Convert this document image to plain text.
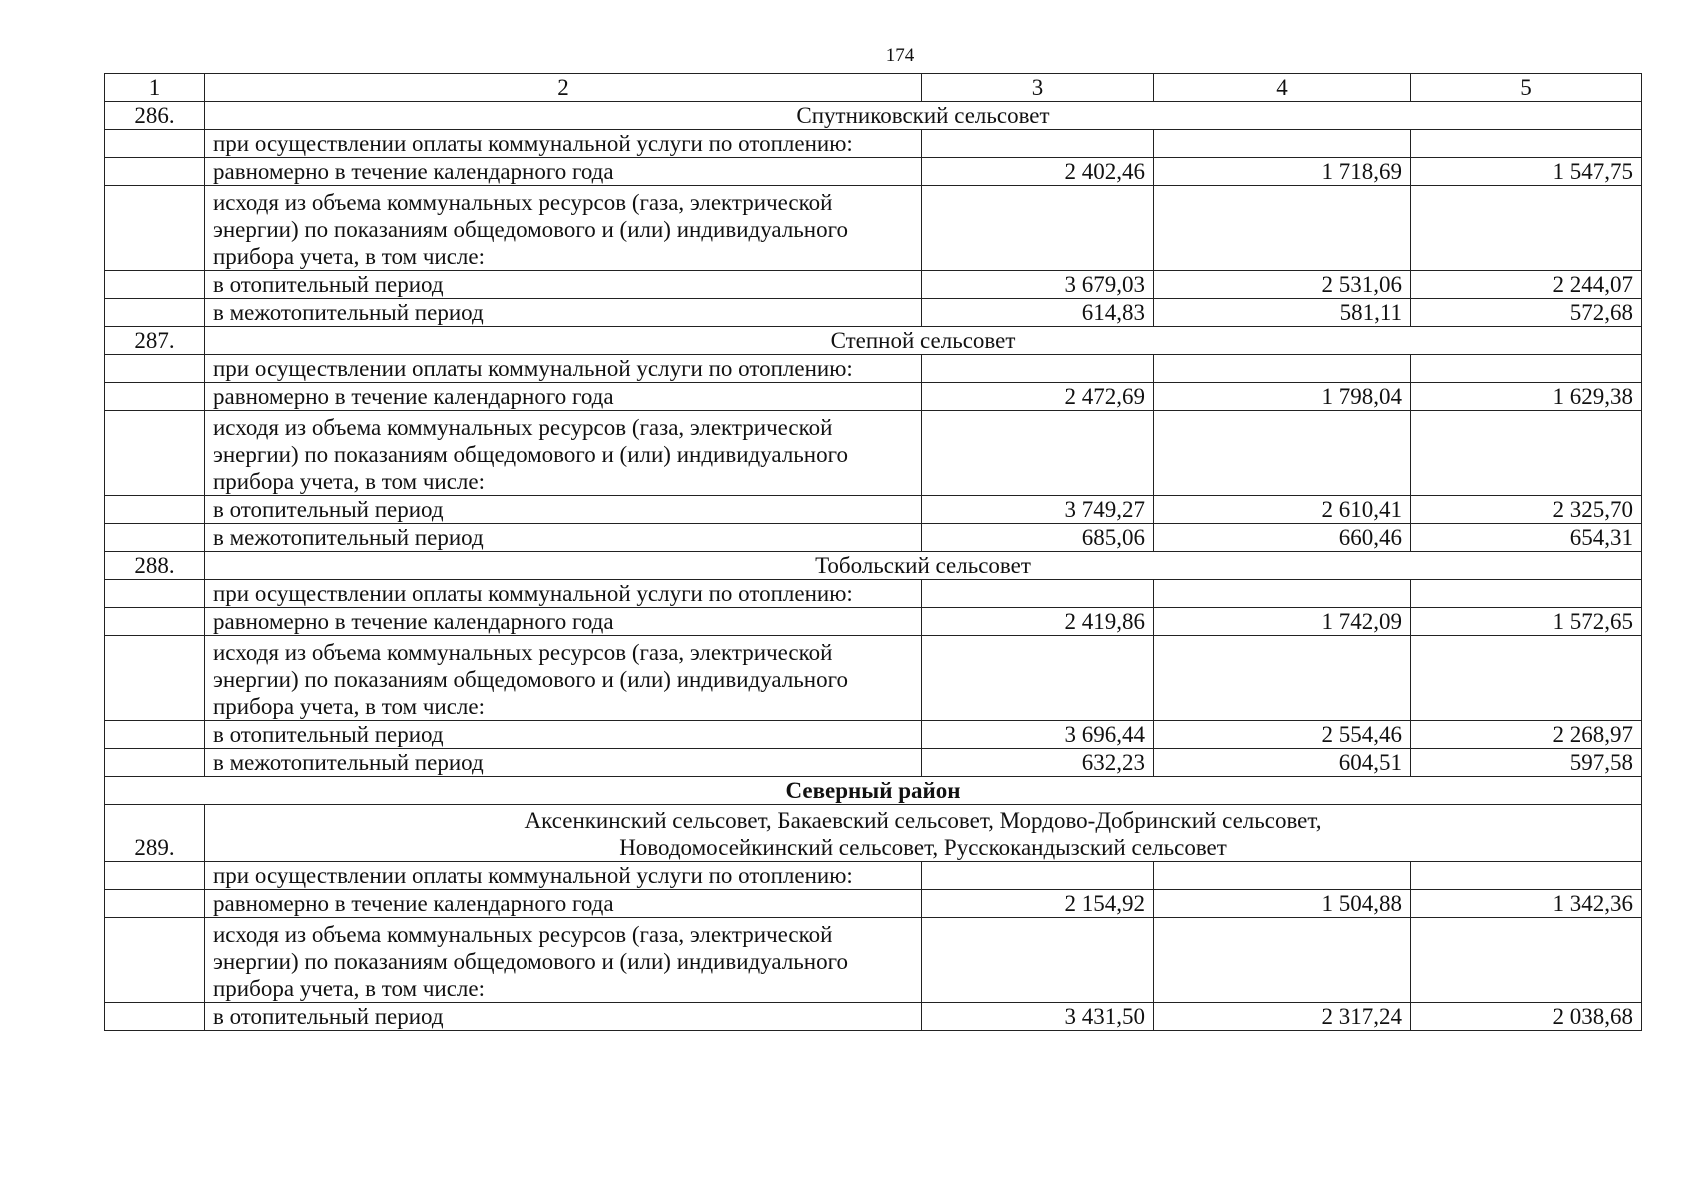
174
1	2	3	4	5
286.	Спутниковский сельсовет			
	при осуществлении оплаты коммунальной услуги по отоплению:			
	равномерно в течение календарного года	2 402,46	1 718,69	1 547,75
	исходя из объема коммунальных ресурсов (газа, электрической энергии) по показаниям общедомового и (или) индивидуального прибора учета, в том числе:			
	в отопительный период	3 679,03	2 531,06	2 244,07
	в межотопительный период	614,83	581,11	572,68
287.	Степной сельсовет			
	при осуществлении оплаты коммунальной услуги по отоплению:			
	равномерно в течение календарного года	2 472,69	1 798,04	1 629,38
	исходя из объема коммунальных ресурсов (газа, электрической энергии) по показаниям общедомового и (или) индивидуального прибора учета, в том числе:			
	в отопительный период	3 749,27	2 610,41	2 325,70
	в межотопительный период	685,06	660,46	654,31
288.	Тобольский сельсовет			
	при осуществлении оплаты коммунальной услуги по отоплению:			
	равномерно в течение календарного года	2 419,86	1 742,09	1 572,65
	исходя из объема коммунальных ресурсов (газа, электрической энергии) по показаниям общедомового и (или) индивидуального прибора учета, в том числе:			
	в отопительный период	3 696,44	2 554,46	2 268,97
	в межотопительный период	632,23	604,51	597,58
Северный район				
289.	Аксенкинский сельсовет, Бакаевский сельсовет, Мордово-Добринский сельсовет,
Новодомосейкинский сельсовет, Русскокандызский сельсовет			

	при осуществлении оплаты коммунальной услуги по отоплению:			
	равномерно в течение календарного года	2 154,92	1 504,88	1 342,36
	исходя из объема коммунальных ресурсов (газа, электрической энергии) по показаниям общедомового и (или) индивидуального прибора учета, в том числе:			
	в отопительный период	3 431,50	2 317,24	2 038,68
